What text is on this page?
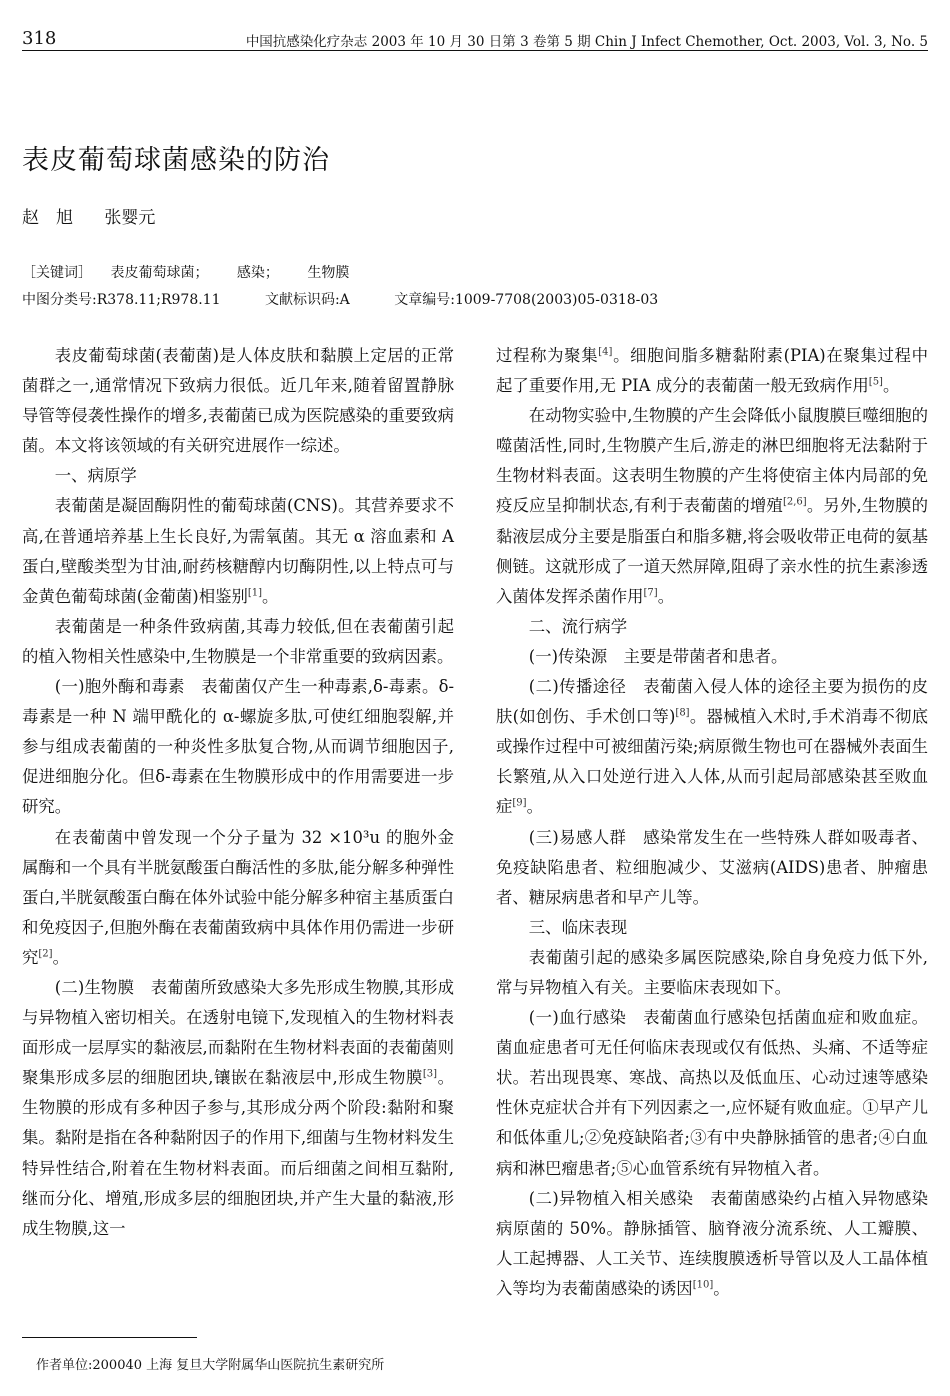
318	中国抗感染化疗杂志 2003 年 10 月 30 日第 3 卷第 5 期 Chin J Infect Chemother, Oct. 2003, Vol. 3, No. 5
表皮葡萄球菌感染的防治
赵　旭 张婴元
［关键词］ 表皮葡萄球菌； 感染； 生物膜
中图分类号:R378.11;R978.11	文献标识码:A	文章编号:1009-7708(2003)05-0318-03

表皮葡萄球菌(表葡菌)是人体皮肤和黏膜上定居的正常菌群之一,通常情况下致病力很低。近几年来,随着留置静脉导管等侵袭性操作的增多,表葡菌已成为医院感染的重要致病菌。本文将该领域的有关研究进展作一综述。

一、病原学

表葡菌是凝固酶阴性的葡萄球菌(CNS)。其营养要求不高,在普通培养基上生长良好,为需氧菌。其无 α 溶血素和 A 蛋白,壁酸类型为甘油,耐药核糖醇内切酶阴性,以上特点可与金黄色葡萄球菌(金葡菌)相鉴别[1]。

表葡菌是一种条件致病菌,其毒力较低,但在表葡菌引起的植入物相关性感染中,生物膜是一个非常重要的致病因素。

(一)胞外酶和毒素　表葡菌仅产生一种毒素,δ-毒素。δ-毒素是一种 N 端甲酰化的 α-螺旋多肽,可使红细胞裂解,并参与组成表葡菌的一种炎性多肽复合物,从而调节细胞因子,促进细胞分化。但δ-毒素在生物膜形成中的作用需要进一步研究。

在表葡菌中曾发现一个分子量为 32 ×10³u 的胞外金属酶和一个具有半胱氨酸蛋白酶活性的多肽,能分解多种弹性蛋白,半胱氨酸蛋白酶在体外试验中能分解多种宿主基质蛋白和免疫因子,但胞外酶在表葡菌致病中具体作用仍需进一步研究[2]。

(二)生物膜　表葡菌所致感染大多先形成生物膜,其形成与异物植入密切相关。在透射电镜下,发现植入的生物材料表面形成一层厚实的黏液层,而黏附在生物材料表面的表葡菌则聚集形成多层的细胞团块,镶嵌在黏液层中,形成生物膜[3]。生物膜的形成有多种因子参与,其形成分两个阶段:黏附和聚集。黏附是指在各种黏附因子的作用下,细菌与生物材料发生特异性结合,附着在生物材料表面。而后细菌之间相互黏附,继而分化、增殖,形成多层的细胞团块,并产生大量的黏液,形成生物膜,这一

过程称为聚集[4]。细胞间脂多糖黏附素(PIA)在聚集过程中起了重要作用,无 PIA 成分的表葡菌一般无致病作用[5]。

在动物实验中,生物膜的产生会降低小鼠腹膜巨噬细胞的噬菌活性,同时,生物膜产生后,游走的淋巴细胞将无法黏附于生物材料表面。这表明生物膜的产生将使宿主体内局部的免疫反应呈抑制状态,有利于表葡菌的增殖[2,6]。另外,生物膜的黏液层成分主要是脂蛋白和脂多糖,将会吸收带正电荷的氨基侧链。这就形成了一道天然屏障,阻碍了亲水性的抗生素渗透入菌体发挥杀菌作用[7]。

二、流行病学

(一)传染源　主要是带菌者和患者。

(二)传播途径　表葡菌入侵人体的途径主要为损伤的皮肤(如创伤、手术创口等)[8]。器械植入术时,手术消毒不彻底或操作过程中可被细菌污染;病原微生物也可在器械外表面生长繁殖,从入口处逆行进入人体,从而引起局部感染甚至败血症[9]。

(三)易感人群　感染常发生在一些特殊人群如吸毒者、免疫缺陷患者、粒细胞减少、艾滋病(AIDS)患者、肿瘤患者、糖尿病患者和早产儿等。

三、临床表现

表葡菌引起的感染多属医院感染,除自身免疫力低下外,常与异物植入有关。主要临床表现如下。

(一)血行感染　表葡菌血行感染包括菌血症和败血症。菌血症患者可无任何临床表现或仅有低热、头痛、不适等症状。若出现畏寒、寒战、高热以及低血压、心动过速等感染性休克症状合并有下列因素之一,应怀疑有败血症。①早产儿和低体重儿;②免疫缺陷者;③有中央静脉插管的患者;④白血病和淋巴瘤患者;⑤心血管系统有异物植入者。

(二)异物植入相关感染　表葡菌感染约占植入异物感染病原菌的 50%。静脉插管、脑脊液分流系统、人工瓣膜、人工起搏器、人工关节、连续腹膜透析导管以及人工晶体植入等均为表葡菌感染的诱因[10]。

作者单位:200040 上海 复旦大学附属华山医院抗生素研究所
